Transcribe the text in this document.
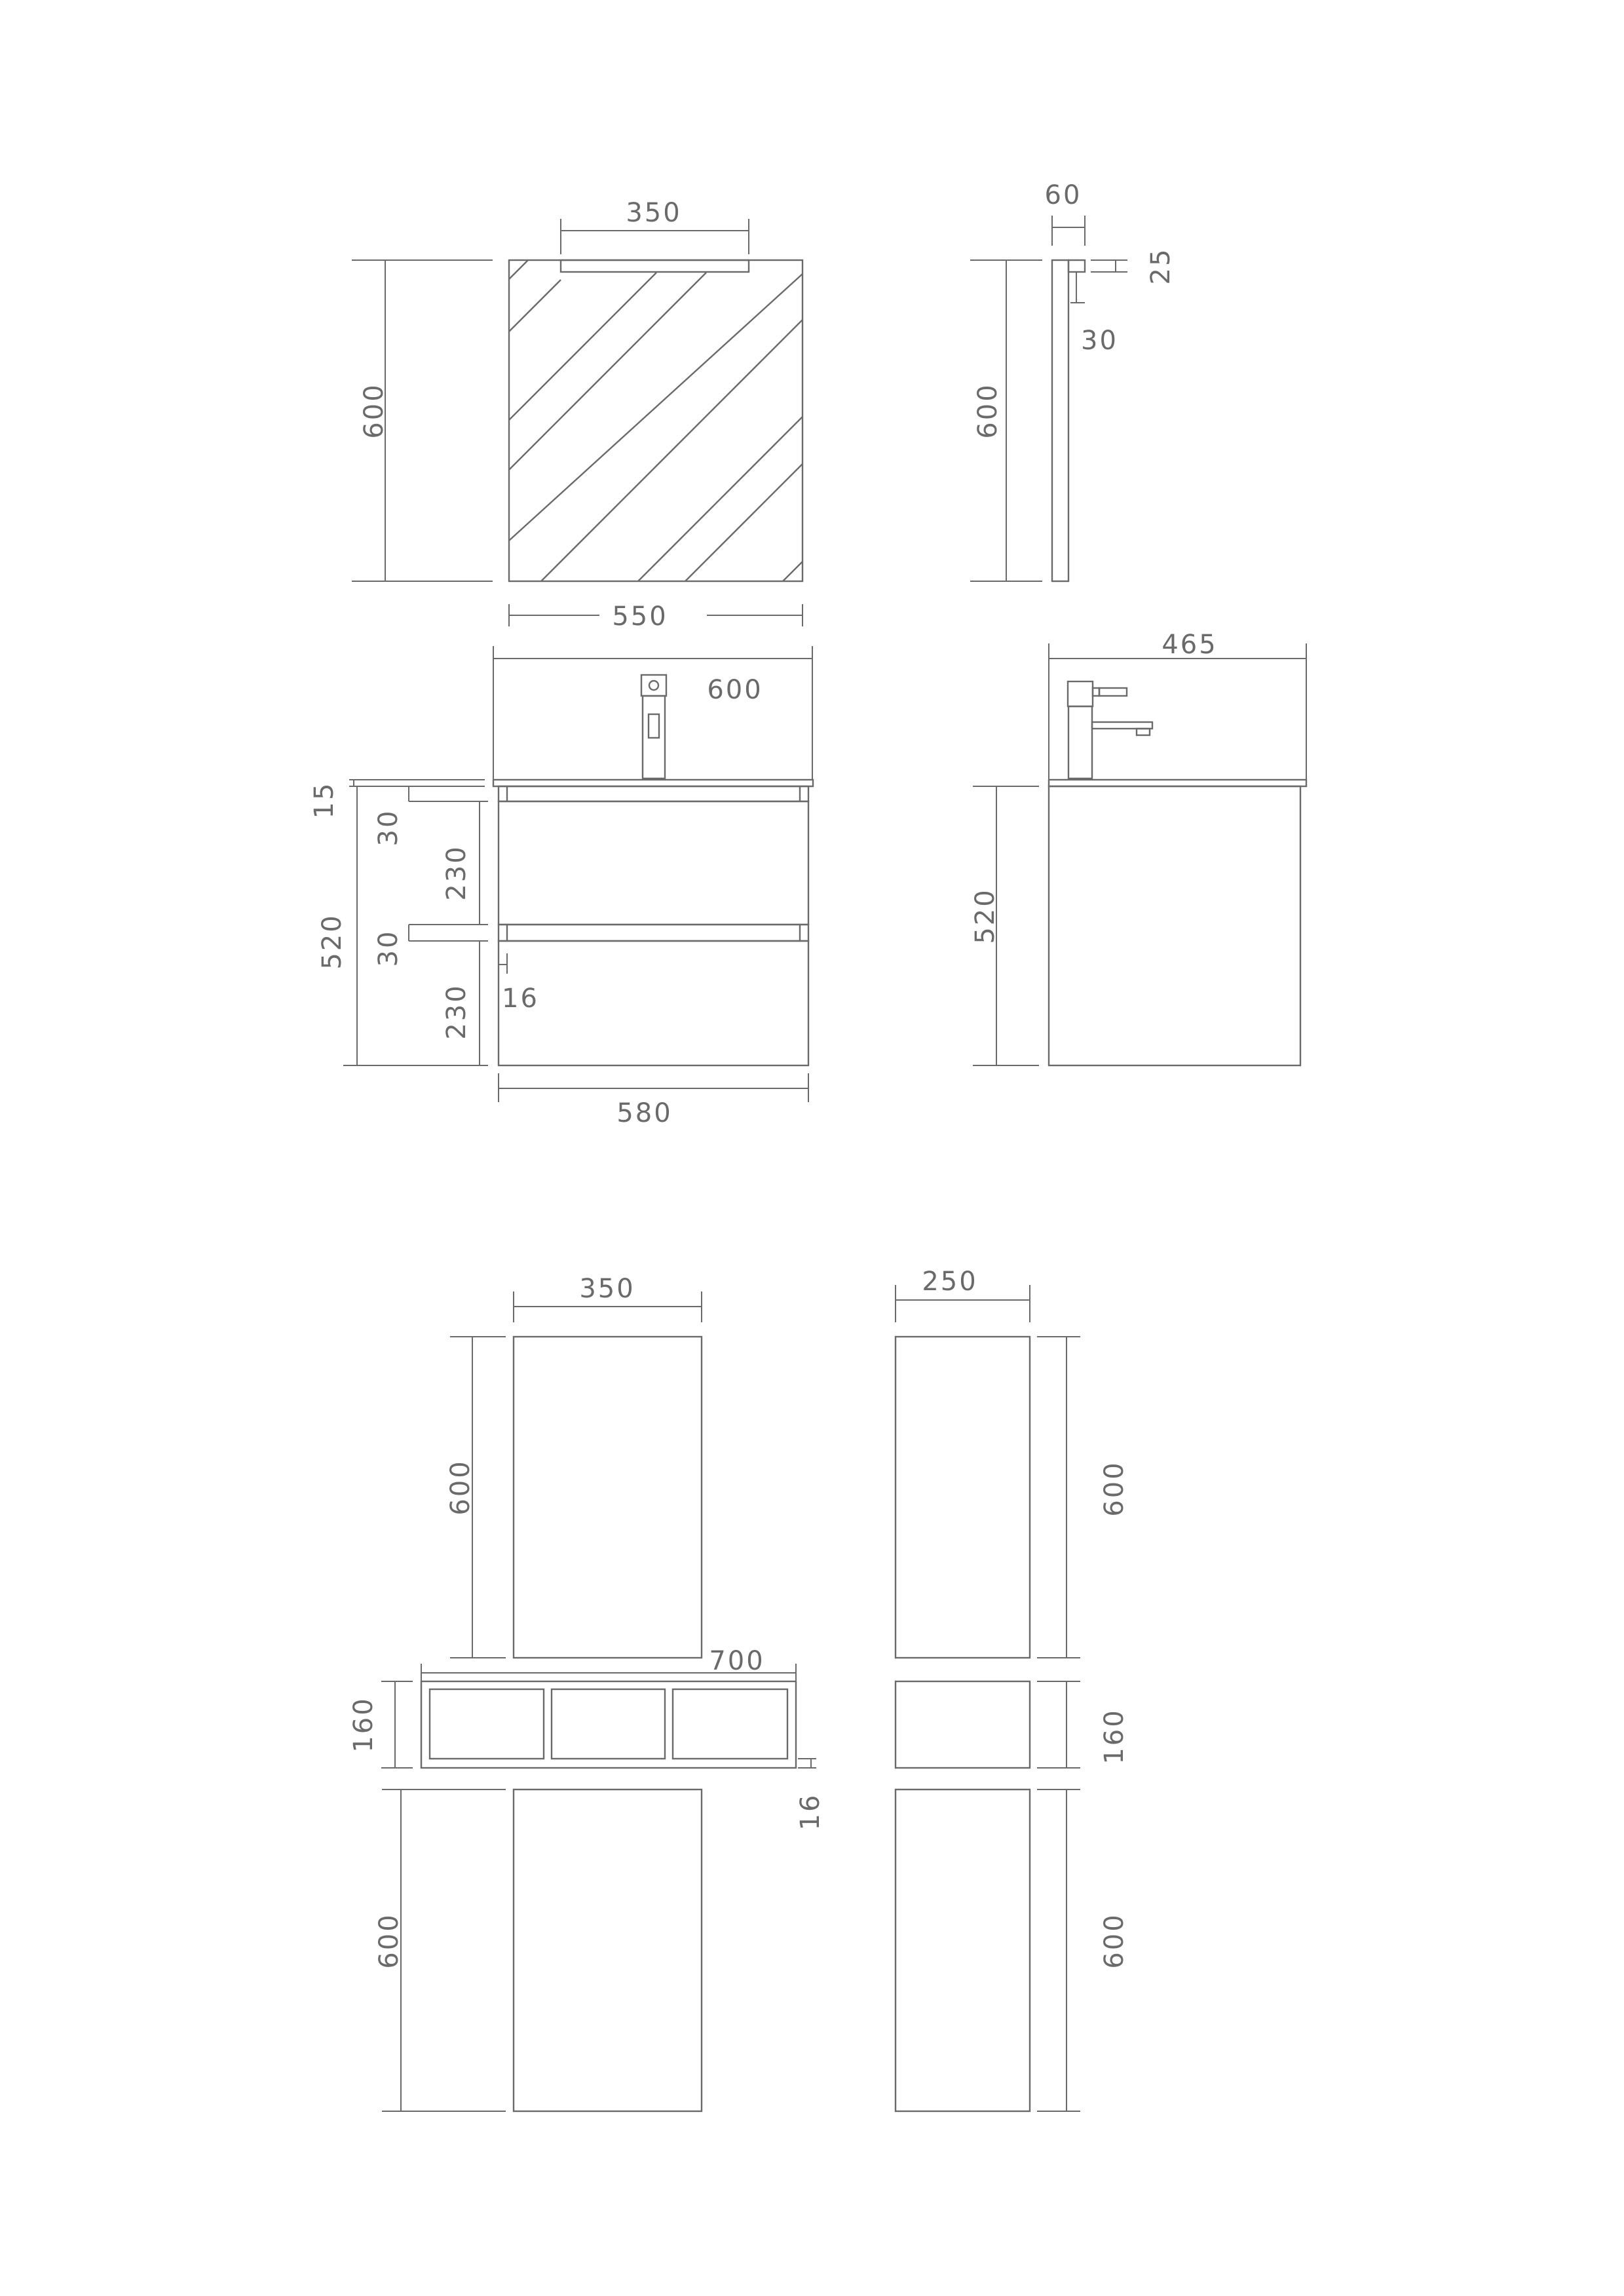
350
550
600
60
25
30
600
600
15
30
230
30
230 16
520
580
465
520
350
600
700
160
16
600
250
600
160
600
